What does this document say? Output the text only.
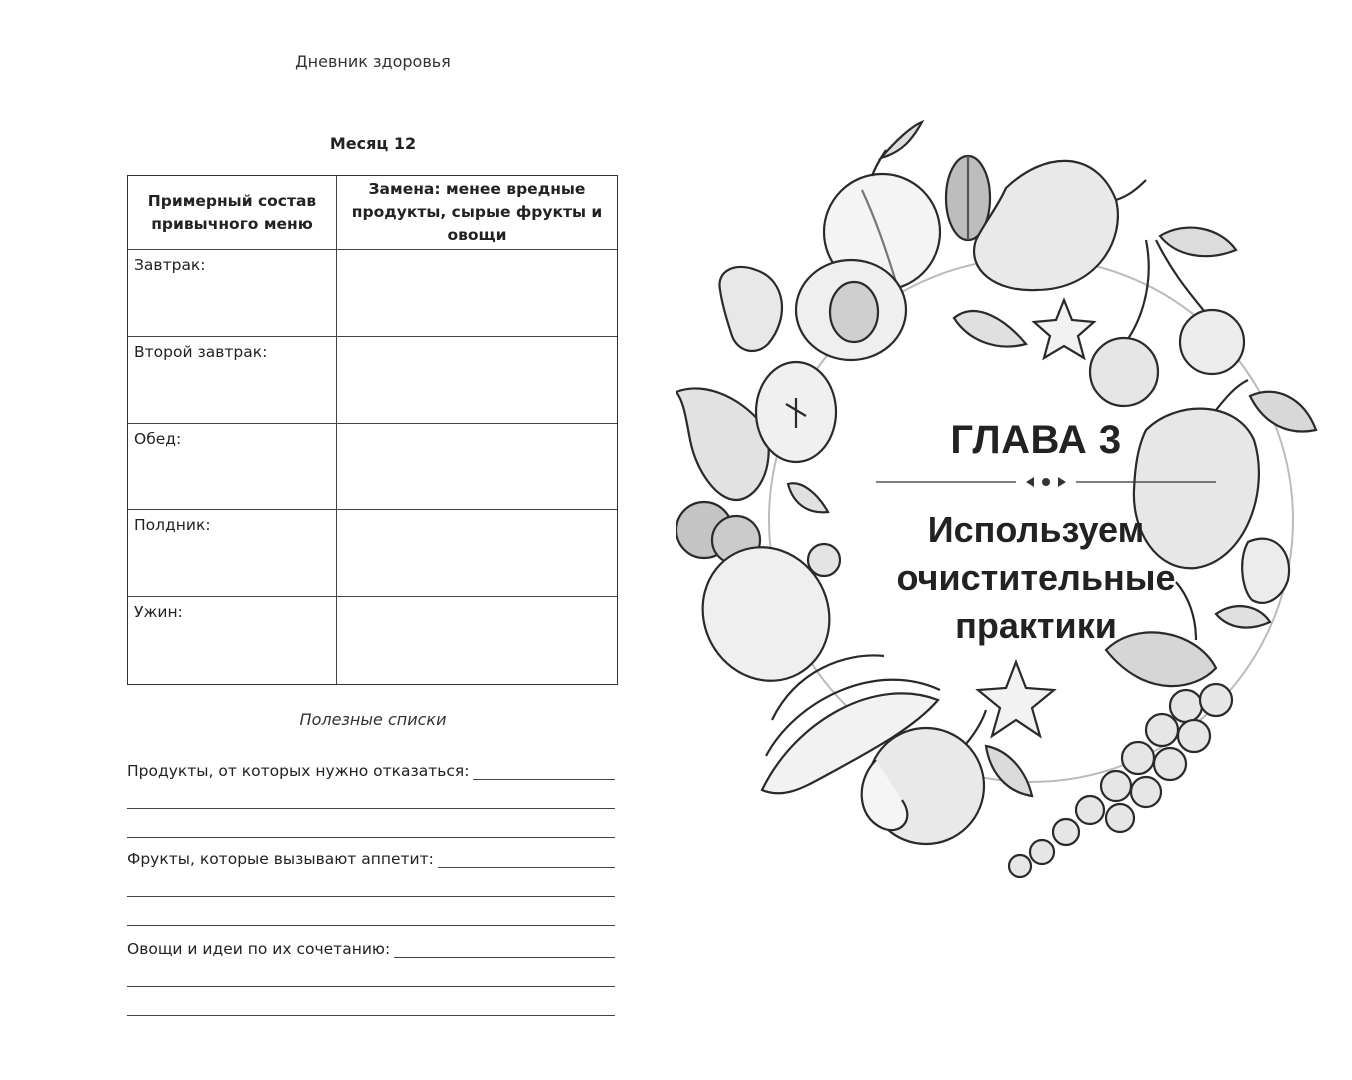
Дневник здоровья
Месяц 12
Примерный состав привычного меню
Замена: менее вредные продукты, сырые фрукты и овощи
Завтрак:
Второй завтрак:
Обед:
Полдник:
Ужин:
Полезные списки
Продукты, от которых нужно отказаться:
Фрукты, которые вызывают аппетит:
Овощи и идеи по их сочетанию:
ГЛАВА 3
Используем
очистительные
практики
